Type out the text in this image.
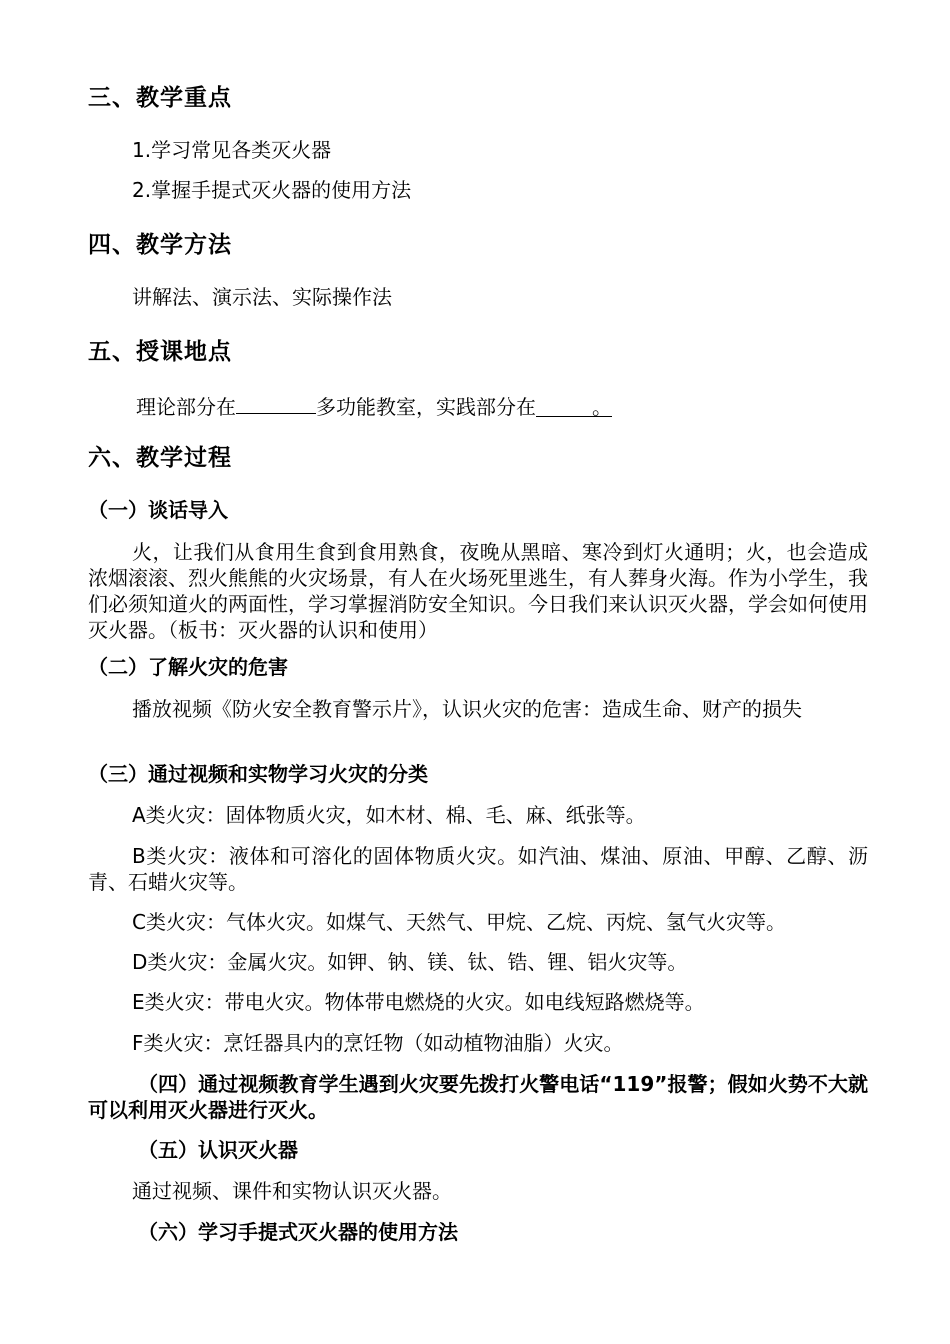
三、教学重点
1.学习常见各类灭火器
2.掌握手提式灭火器的使用方法
四、教学方法
讲解法、演示法、实际操作法
五、授课地点
理论部分在	多功能教室，实践部分在	。
六、教学过程
（一）谈话导入

火，让我们从食用生食到食用熟食，夜晚从黑暗、寒冷到灯火通明；火，也会造成浓烟滚滚、烈火熊熊的火灾场景，有人在火场死里逃生，有人葬身火海。作为小学生，我们必须知道火的两面性，学习掌握消防安全知识。今日我们来认识灭火器，学会如何使用灭火器。（板书：灭火器的认识和使用）

（二）了解火灾的危害

播放视频《防火安全教育警示片》，认识火灾的危害：造成生命、财产的损失

（三）通过视频和实物学习火灾的分类
A类火灾：固体物质火灾，如木材、棉、毛、麻、纸张等。

B类火灾：液体和可溶化的固体物质火灾。如汽油、煤油、原油、甲醇、乙醇、沥青、石蜡火灾等。

C类火灾：气体火灾。如煤气、天然气、甲烷、乙烷、丙烷、氢气火灾等。
D类火灾：金属火灾。如钾、钠、镁、钛、锆、锂、铝火灾等。
E类火灾：带电火灾。物体带电燃烧的火灾。如电线短路燃烧等。
F类火灾：烹饪器具内的烹饪物（如动植物油脂）火灾。

（四）通过视频教育学生遇到火灾要先拨打火警电话“119”报警；假如火势不大就可以利用灭火器进行灭火。

（五）认识灭火器
通过视频、课件和实物认识灭火器。
（六）学习手提式灭火器的使用方法
